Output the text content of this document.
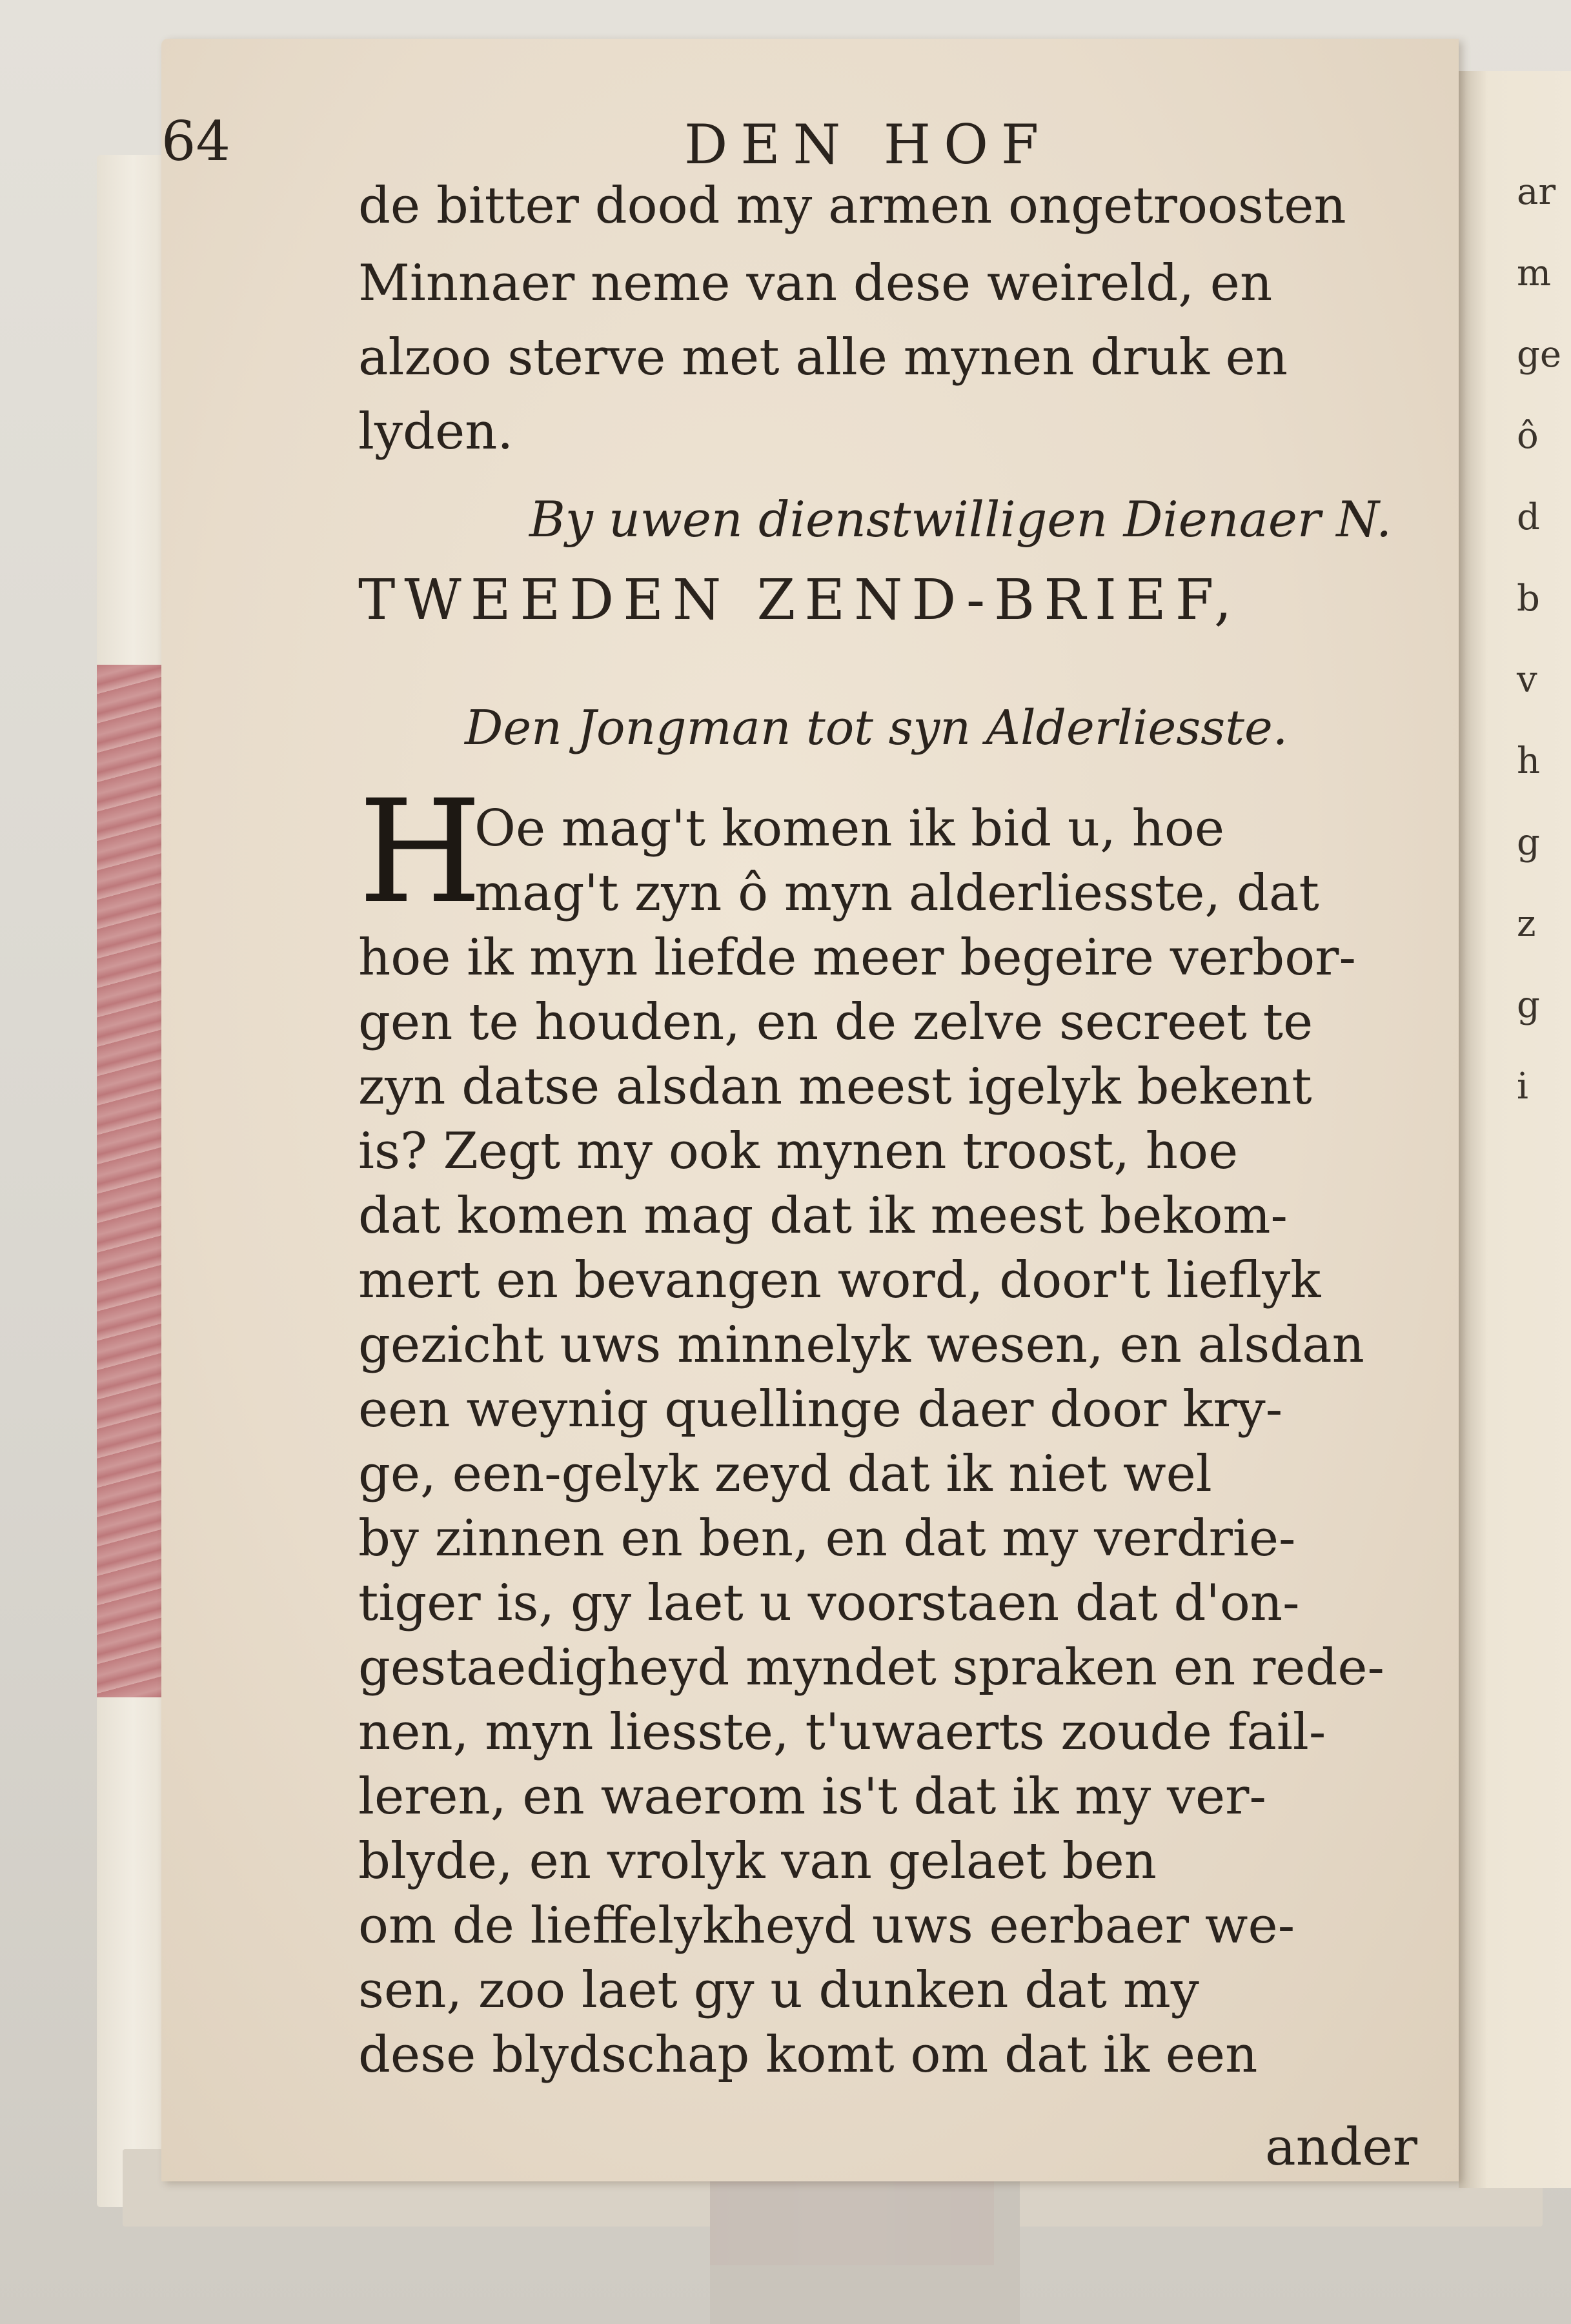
ar
m
ge
ô
d
b
v
h
g
z
g
i
64	DEN HOF
de bitter dood my armen ongetroosten
Minnaer neme van dese weireld, en
alzoo sterve met alle mynen druk en
lyden.
By uwen dienstwilligen Dienaer N.
TWEEDEN ZEND-BRIEF,
Den Jongman tot syn Alderliesste.
H
Oe mag't komen ik bid u, hoe
mag't zyn ô myn alderliesste, dat
hoe ik myn liefde meer begeire verbor-
gen te houden, en de zelve secreet te
zyn datse alsdan meest igelyk bekent
is? Zegt my ook mynen troost, hoe
dat komen mag dat ik meest bekom-
mert en bevangen word, door't lieflyk
gezicht uws minnelyk wesen, en alsdan
een weynig quellinge daer door kry-
ge, een-gelyk zeyd dat ik niet wel
by zinnen en ben, en dat my verdrie-
tiger is, gy laet u voorstaen dat d'on-
gestaedigheyd myndet spraken en rede-
nen, myn liesste, t'uwaerts zoude fail-
leren, en waerom is't dat ik my ver-
blyde, en vrolyk van gelaet ben
om de lieffelykheyd uws eerbaer we-
sen, zoo laet gy u dunken dat my
dese blydschap komt om dat ik een
ander
